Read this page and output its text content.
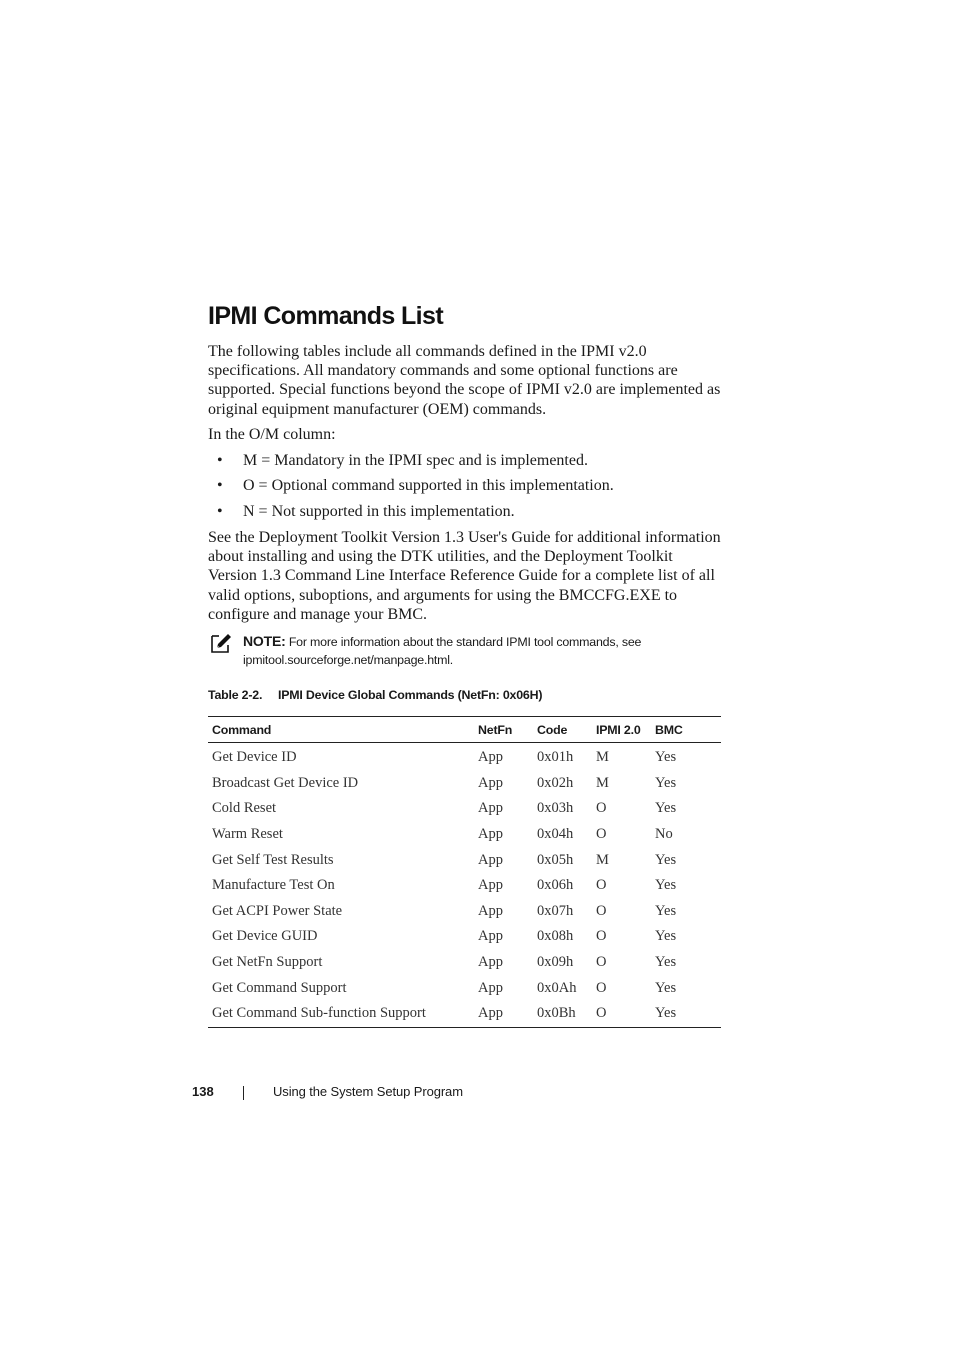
IPMI Commands List

The following tables include all commands defined in the IPMI v2.0 specifications. All mandatory commands and some optional functions are supported. Special functions beyond the scope of IPMI v2.0 are implemented as original equipment manufacturer (OEM) commands.

In the O/M column:

• M = Mandatory in the IPMI spec and is implemented.
• O = Optional command supported in this implementation.
• N = Not supported in this implementation.

See the Deployment Toolkit Version 1.3 User's Guide for additional information about installing and using the DTK utilities, and the Deployment Toolkit Version 1.3 Command Line Interface Reference Guide for a complete list of all valid options, suboptions, and arguments for using the BMCCFG.EXE to configure and manage your BMC.

NOTE: For more information about the standard IPMI tool commands, see ipmitool.sourceforge.net/manpage.html.

Table 2-2. IPMI Device Global Commands (NetFn: 0x06H)

Command	NetFn	Code	IPMI 2.0	BMC
Get Device ID	App	0x01h	M	Yes
Broadcast Get Device ID	App	0x02h	M	Yes
Cold Reset	App	0x03h	O	Yes
Warm Reset	App	0x04h	O	No
Get Self Test Results	App	0x05h	M	Yes
Manufacture Test On	App	0x06h	O	Yes
Get ACPI Power State	App	0x07h	O	Yes
Get Device GUID	App	0x08h	O	Yes
Get NetFn Support	App	0x09h	O	Yes
Get Command Support	App	0x0Ah	O	Yes
Get Command Sub-function Support	App	0x0Bh	O	Yes
138	Using the System Setup Program
